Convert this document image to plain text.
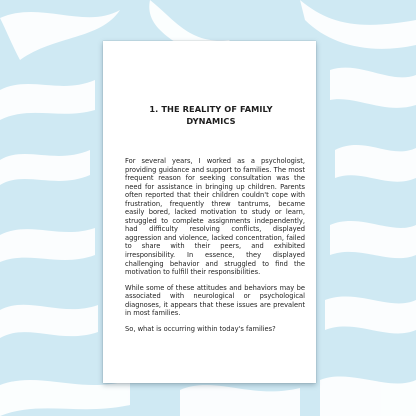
1. THE REALITY OF FAMILY DYNAMICS

For several years, I worked as a psychologist, providing guidance and support to families. The most frequent reason for seeking consultation was the need for assistance in bringing up children. Parents often reported that their children couldn't cope with frustration, frequently threw tantrums, became easily bored, lacked motivation to study or learn, struggled to complete assignments independently, had difficulty resolving conflicts, displayed aggression and violence, lacked concentration, failed to share with their peers, and exhibited irresponsibility. In essence, they displayed challenging behavior and struggled to find the motivation to fulfill their responsibilities.

While some of these attitudes and behaviors may be associated with neurological or psychological diagnoses, it appears that these issues are prevalent in most families.

So, what is occurring within today's families?
